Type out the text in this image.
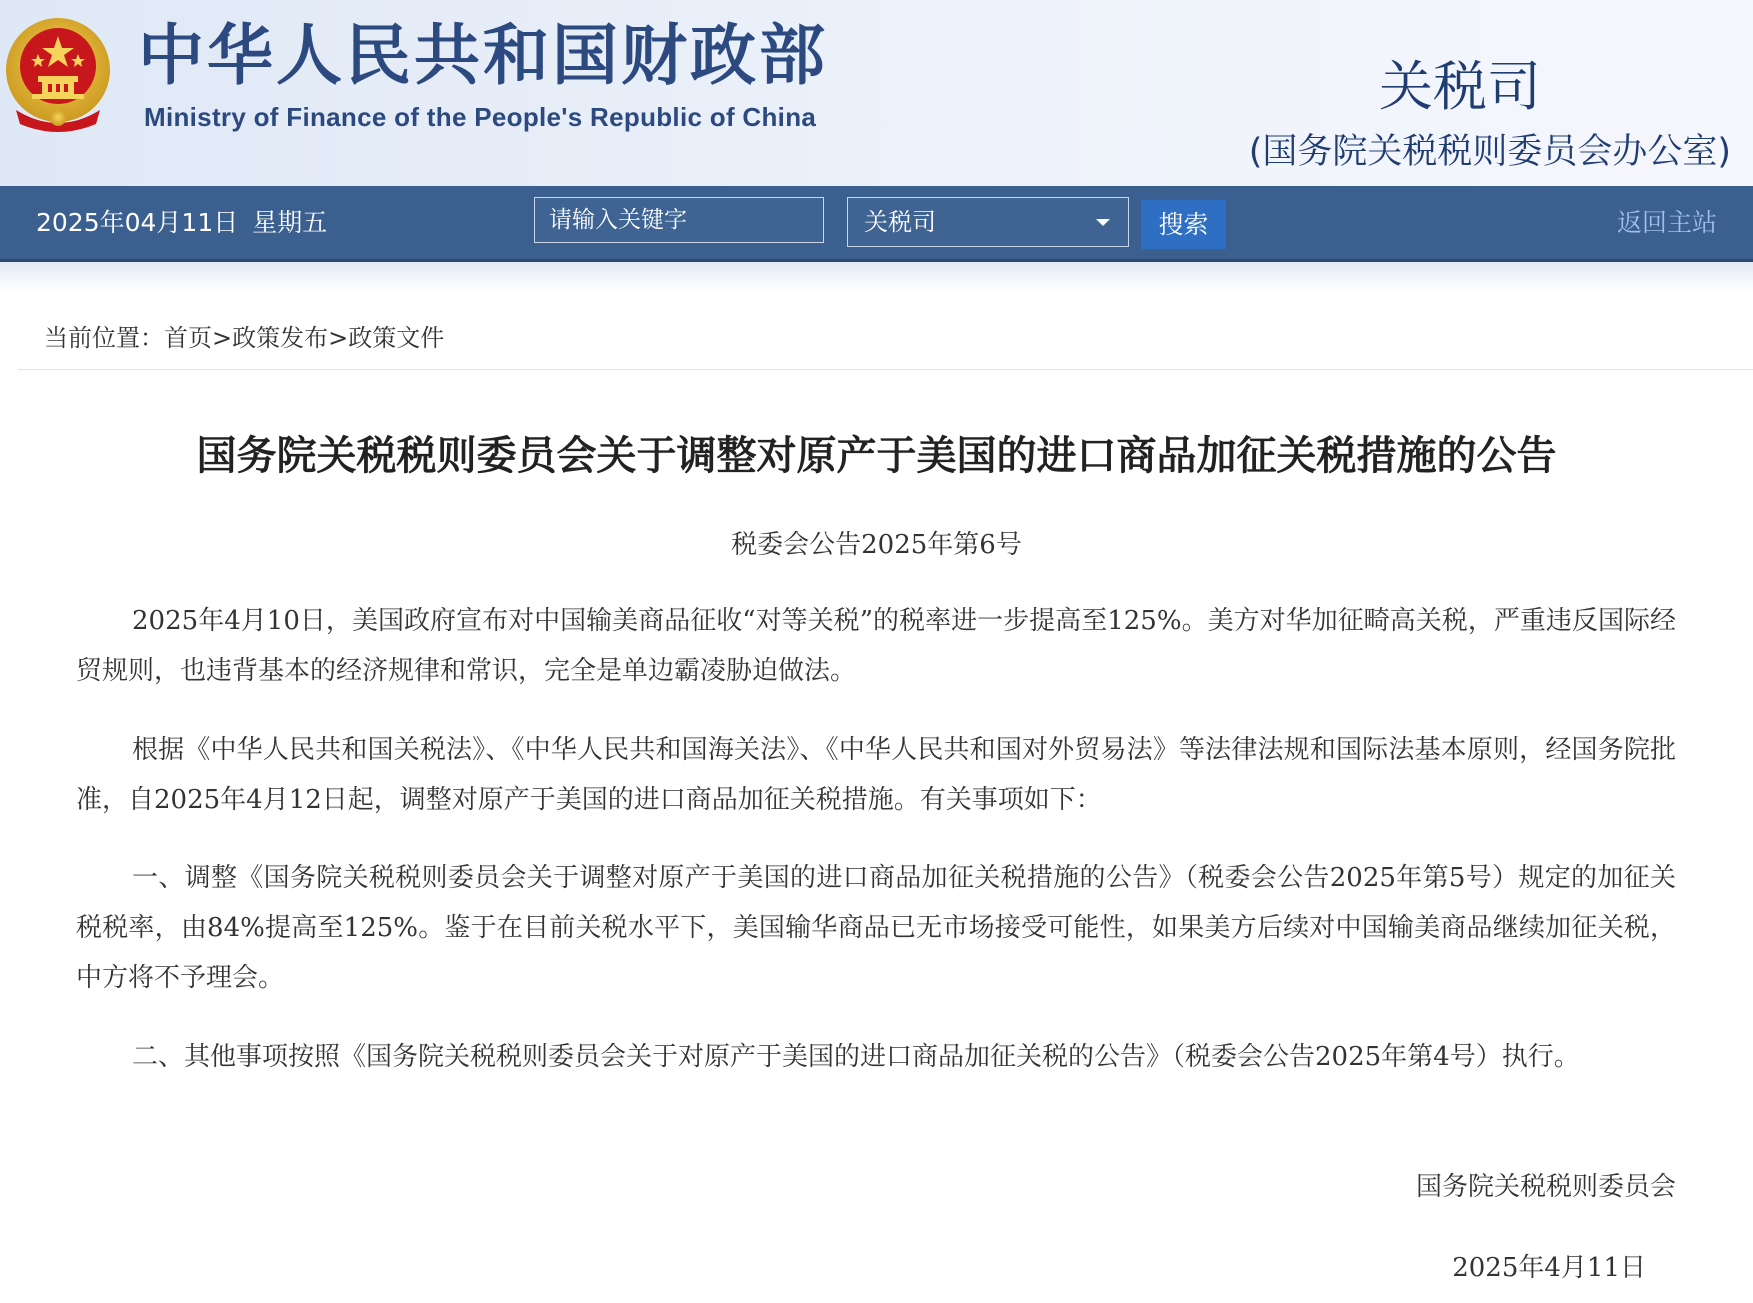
中华人民共和国财政部
Ministry of Finance of the People's Republic of China	关税司
(国务院关税税则委员会办公室)
2025年04月11日 星期五
请输入关键字	关税司	搜索	返回主站
当前位置：首页>政策发布>政策文件
国务院关税税则委员会关于调整对原产于美国的进口商品加征关税措施的公告
税委会公告2025年第6号

2025年4月10日，美国政府宣布对中国输美商品征收“对等关税”的税率进一步提高至125%。美方对华加征畸高关税，严重违反国际经贸规则，也违背基本的经济规律和常识，完全是单边霸凌胁迫做法。

根据《中华人民共和国关税法》、《中华人民共和国海关法》、《中华人民共和国对外贸易法》等法律法规和国际法基本原则，经国务院批准，自2025年4月12日起，调整对原产于美国的进口商品加征关税措施。有关事项如下：

一、调整《国务院关税税则委员会关于调整对原产于美国的进口商品加征关税措施的公告》（税委会公告2025年第5号）规定的加征关税税率，由84%提高至125%。鉴于在目前关税水平下，美国输华商品已无市场接受可能性，如果美方后续对中国输美商品继续加征关税，中方将不予理会。

二、其他事项按照《国务院关税税则委员会关于对原产于美国的进口商品加征关税的公告》（税委会公告2025年第4号）执行。

国务院关税税则委员会
2025年4月11日
